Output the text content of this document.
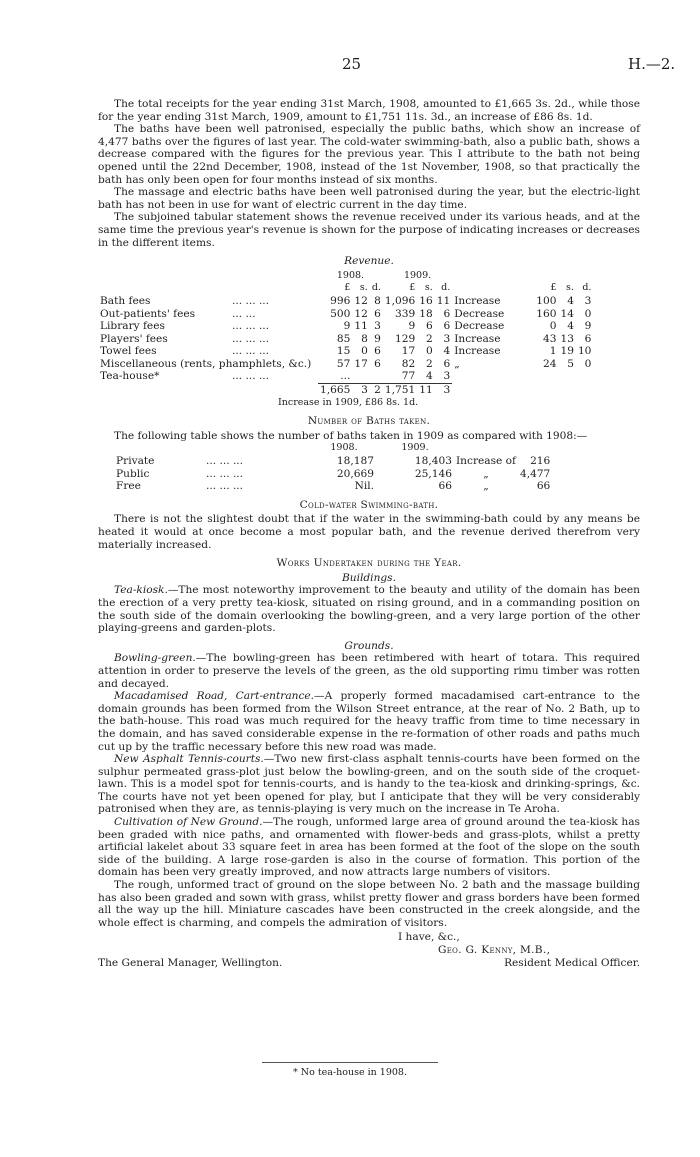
25	H.—2.

The total receipts for the year ending 31st March, 1908, amounted to £1,665 3s. 2d., while those for the year ending 31st March, 1909, amount to £1,751 11s. 3d., an increase of £86 8s. 1d.

The baths have been well patronised, especially the public baths, which show an increase of 4,477 baths over the figures of last year. The cold-water swimming-bath, also a public bath, shows a decrease compared with the figures for the previous year. This I attribute to the bath not being opened until the 22nd December, 1908, instead of the 1st November, 1908, so that practically the bath has only been open for four months instead of six months.

The massage and electric baths have been well patronised during the year, but the electric-light bath has not been in use for want of electric current in the day time.

The subjoined tabular statement shows the revenue received under its various heads, and at the same time the previous year's revenue is shown for the purpose of indicating increases or decreases in the different items.

Revenue.
		1908.			1909.						
		£	s.	d.	£	s.	d.		£	s.	d.
Bath fees	... ... ...	996	12	8	1,096	16	11	Increase	100	4	3
Out-patients' fees	... ...	500	12	6	339	18	6	Decrease	160	14	0
Library fees	... ... ...	9	11	3	9	6	6	Decrease	0	4	9
Players' fees	... ... ...	85	8	9	129	2	3	Increase	43	13	6
Towel fees	... ... ...	15	0	6	17	0	4	Increase	1	19	10
Miscellaneous (rents, phamphlets, &c.)		57	17	6	82	2	6	„	24	5	0
Tea-house*	... ... ...	...			77	4	3				
		1,665	3	2	1,751	11	3				
Increase in 1909, £86 8s. 1d.
Number of Baths taken.

The following table shows the number of baths taken in 1909 as compared with 1908:—

		1908.	1909.		
Private	... ... ...	18,187	18,403	Increase of	216
Public	... ... ...	20,669	25,146	„	4,477
Free	... ... ...	Nil.	66	„	66
Cold-water Swimming-bath.

There is not the slightest doubt that if the water in the swimming-bath could by any means be heated it would at once become a most popular bath, and the revenue derived therefrom very materially increased.

Works Undertaken during the Year.
Buildings.

Tea-kiosk.—The most noteworthy improvement to the beauty and utility of the domain has been the erection of a very pretty tea-kiosk, situated on rising ground, and in a commanding position on the south side of the domain overlooking the bowling-green, and a very large portion of the other playing-greens and garden-plots.

Grounds.

Bowling-green.—The bowling-green has been retimbered with heart of totara. This required attention in order to preserve the levels of the green, as the old supporting rimu timber was rotten and decayed.

Macadamised Road, Cart-entrance.—A properly formed macadamised cart-entrance to the domain grounds has been formed from the Wilson Street entrance, at the rear of No. 2 Bath, up to the bath-house. This road was much required for the heavy traffic from time to time necessary in the domain, and has saved considerable expense in the re-formation of other roads and paths much cut up by the traffic necessary before this new road was made.

New Asphalt Tennis-courts.—Two new first-class asphalt tennis-courts have been formed on the sulphur permeated grass-plot just below the bowling-green, and on the south side of the croquet-lawn. This is a model spot for tennis-courts, and is handy to the tea-kiosk and drinking-springs, &c. The courts have not yet been opened for play, but I anticipate that they will be very considerably patronised when they are, as tennis-playing is very much on the increase in Te Aroha.

Cultivation of New Ground.—The rough, unformed large area of ground around the tea-kiosk has been graded with nice paths, and ornamented with flower-beds and grass-plots, whilst a pretty artificial lakelet about 33 square feet in area has been formed at the foot of the slope on the south side of the building. A large rose-garden is also in the course of formation. This portion of the domain has been very greatly improved, and now attracts large numbers of visitors.

The rough, unformed tract of ground on the slope between No. 2 bath and the massage building has also been graded and sown with grass, whilst pretty flower and grass borders have been formed all the way up the hill. Miniature cascades have been constructed in the creek alongside, and the whole effect is charming, and compels the admiration of visitors.

I have, &c.,
Geo. G. Kenny, M.B.,
The General Manager, Wellington.	Resident Medical Officer.
* No tea-house in 1908.
